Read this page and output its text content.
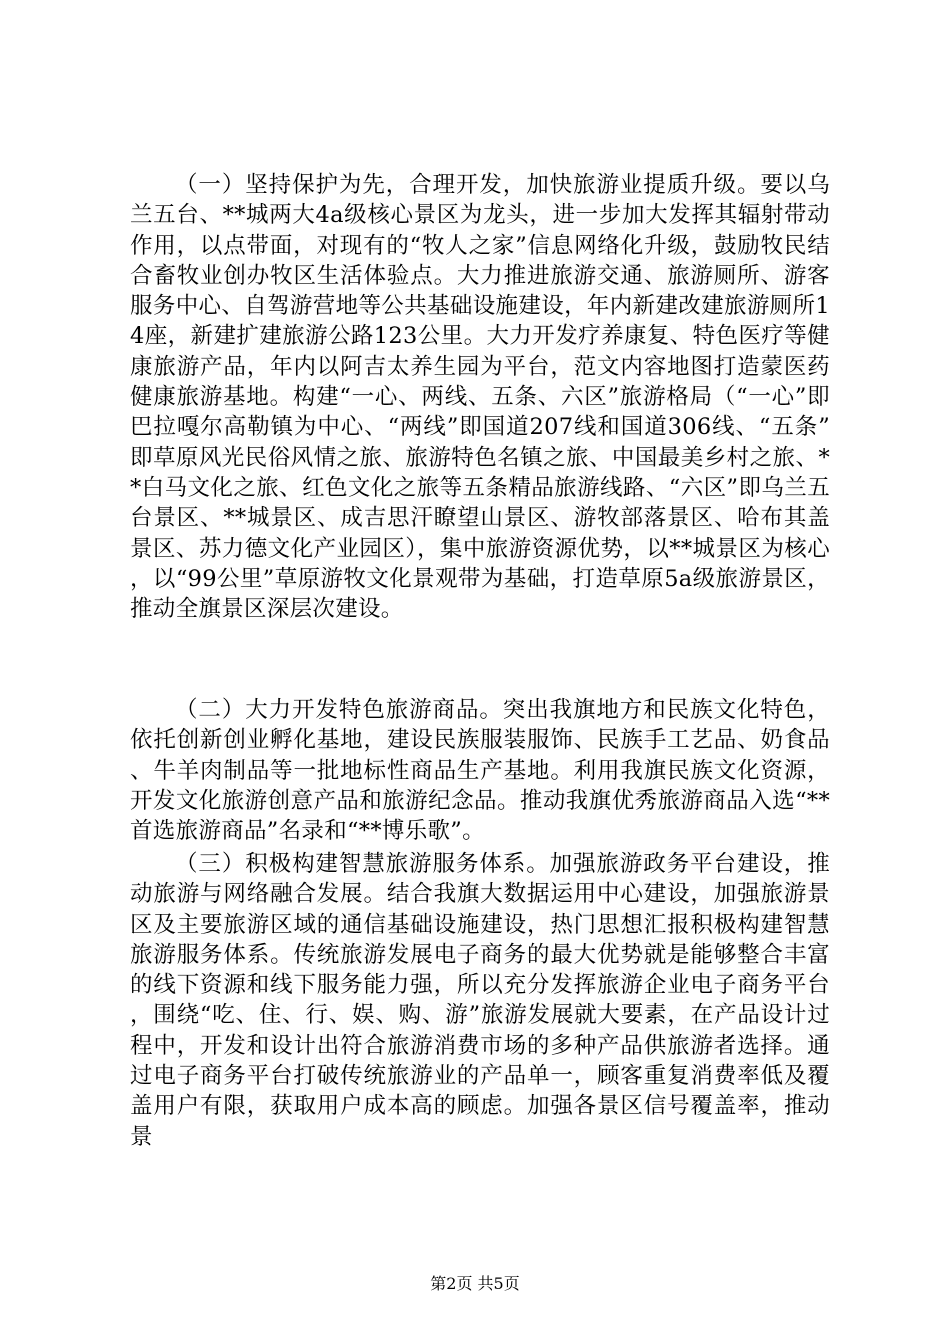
（一）坚持保护为先，合理开发，加快旅游业提质升级。要以乌兰五台、**城两大4a级核心景区为龙头，进一步加大发挥其辐射带动作用，以点带面，对现有的“牧人之家”信息网络化升级，鼓励牧民结合畜牧业创办牧区生活体验点。大力推进旅游交通、旅游厕所、游客服务中心、自驾游营地等公共基础设施建设，年内新建改建旅游厕所14座，新建扩建旅游公路123公里。大力开发疗养康复、特色医疗等健康旅游产品，年内以阿吉太养生园为平台，范文内容地图打造蒙医药健康旅游基地。构建“一心、两线、五条、六区”旅游格局（“一心”即巴拉嘎尔高勒镇为中心、“两线”即国道207线和国道306线、“五条”即草原风光民俗风情之旅、旅游特色名镇之旅、中国最美乡村之旅、**白马文化之旅、红色文化之旅等五条精品旅游线路、“六区”即乌兰五台景区、**城景区、成吉思汗瞭望山景区、游牧部落景区、哈布其盖景区、苏力德文化产业园区），集中旅游资源优势，以**城景区为核心，以“99公里”草原游牧文化景观带为基础，打造草原5a级旅游景区，推动全旗景区深层次建设。

（二）大力开发特色旅游商品。突出我旗地方和民族文化特色，依托创新创业孵化基地，建设民族服装服饰、民族手工艺品、奶食品、牛羊肉制品等一批地标性商品生产基地。利用我旗民族文化资源，开发文化旅游创意产品和旅游纪念品。推动我旗优秀旅游商品入选“**首选旅游商品”名录和“**博乐歌”。

（三）积极构建智慧旅游服务体系。加强旅游政务平台建设，推动旅游与网络融合发展。结合我旗大数据运用中心建设，加强旅游景区及主要旅游区域的通信基础设施建设，热门思想汇报积极构建智慧旅游服务体系。传统旅游发展电子商务的最大优势就是能够整合丰富的线下资源和线下服务能力强，所以充分发挥旅游企业电子商务平台，围绕“吃、住、行、娱、购、游”旅游发展就大要素，在产品设计过程中，开发和设计出符合旅游消费市场的多种产品供旅游者选择。通过电子商务平台打破传统旅游业的产品单一，顾客重复消费率低及覆盖用户有限，获取用户成本高的顾虑。加强各景区信号覆盖率，推动景

第2页 共5页
